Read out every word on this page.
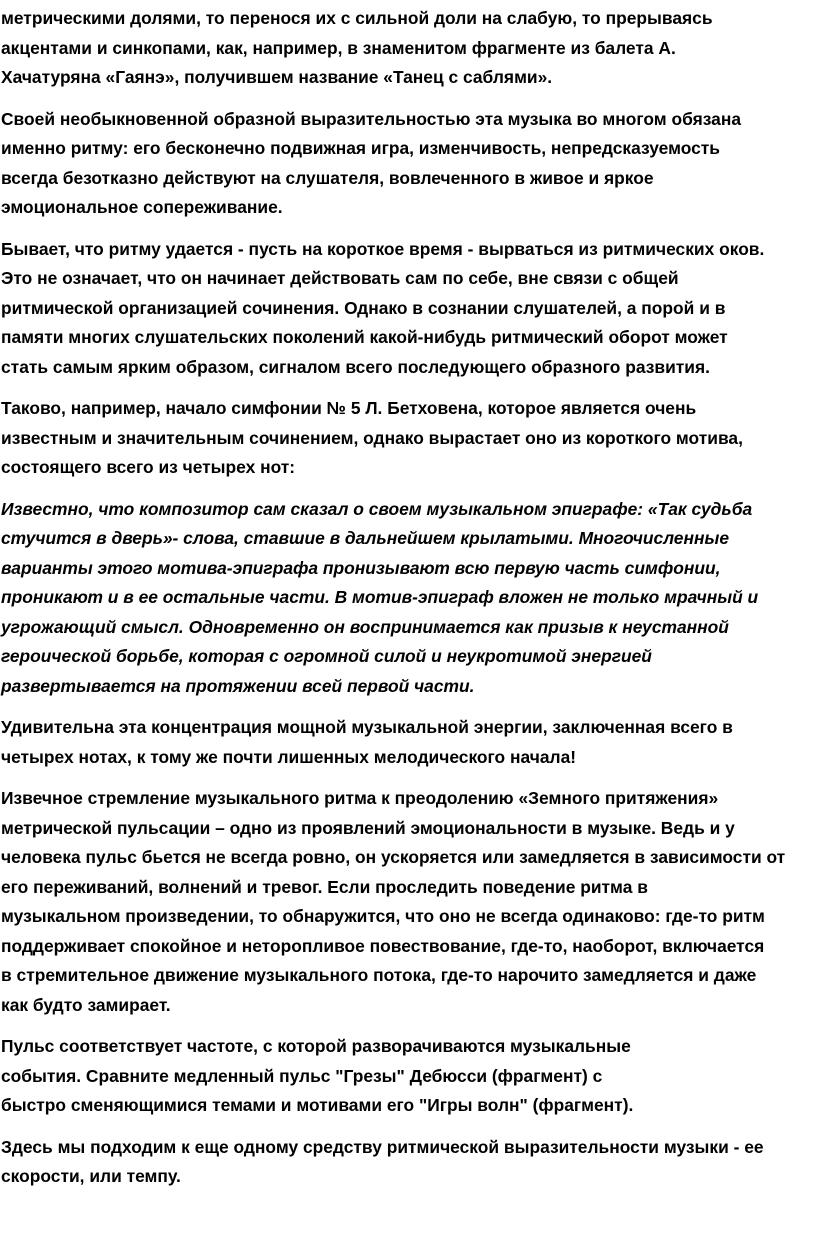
метрическими долями, то перенося их с сильной доли на слабую, то прерываясь
акцентами и синкопами, как, например, в знаменитом фрагменте из балета А.
Хачатуряна «Гаянэ», получившем название «Танец с саблями».

Своей необыкновенной образной выразительностью эта музыка во многом обязана
именно ритму: его бесконечно подвижная игра, изменчивость, непредсказуемость
всегда безотказно действуют на слушателя, вовлеченного в живое и яркое
эмоциональное сопереживание.

Бывает, что ритму удается - пусть на короткое время - вырваться из ритмических оков.
Это не означает, что он начинает действовать сам по себе, вне связи с общей
ритмической организацией сочинения. Однако в сознании слушателей, а порой и в
памяти многих слушательских поколений какой-нибудь ритмический оборот может
стать самым ярким образом, сигналом всего последующего образного развития.

Таково, например, начало симфонии № 5 Л. Бетховена, которое является очень
известным и значительным сочинением, однако вырастает оно из короткого мотива,
состоящего всего из четырех нот:

Известно, что композитор сам сказал о своем музыкальном эпиграфе: «Так судьба
стучится в дверь»- слова, ставшие в дальнейшем крылатыми. Многочисленные
варианты этого мотива-эпиграфа пронизывают всю первую часть симфонии,
проникают и в ее остальные части. В мотив-эпиграф вложен не только мрачный и
угрожающий смысл. Одновременно он воспринимается как призыв к неустанной
героической борьбе, которая с огромной силой и неукротимой энергией
развертывается на протяжении всей первой части.

Удивительна эта концентрация мощной музыкальной энергии, заключенная всего в
четырех нотах, к тому же почти лишенных мелодического начала!

Извечное стремление музыкального ритма к преодолению «Земного притяжения»
метрической пульсации – одно из проявлений эмоциональности в музыке. Ведь и у
человека пульс бьется не всегда ровно, он ускоряется или замедляется в зависимости от
его переживаний, волнений и тревог. Если проследить поведение ритма в
музыкальном произведении, то обнаружится, что оно не всегда одинаково: где-то ритм
поддерживает спокойное и неторопливое повествование, где-то, наоборот, включается
в стремительное движение музыкального потока, где-то нарочито замедляется и даже
как будто замирает.

Пульс соответствует частоте, с которой разворачиваются музыкальные
события. Сравните медленный пульс "Грезы" Дебюсси (фрагмент) с
быстро сменяющимися темами и мотивами его "Игры волн" (фрагмент).

Здесь мы подходим к еще одному средству ритмической выразительности музыки - ее
скорости, или темпу.
